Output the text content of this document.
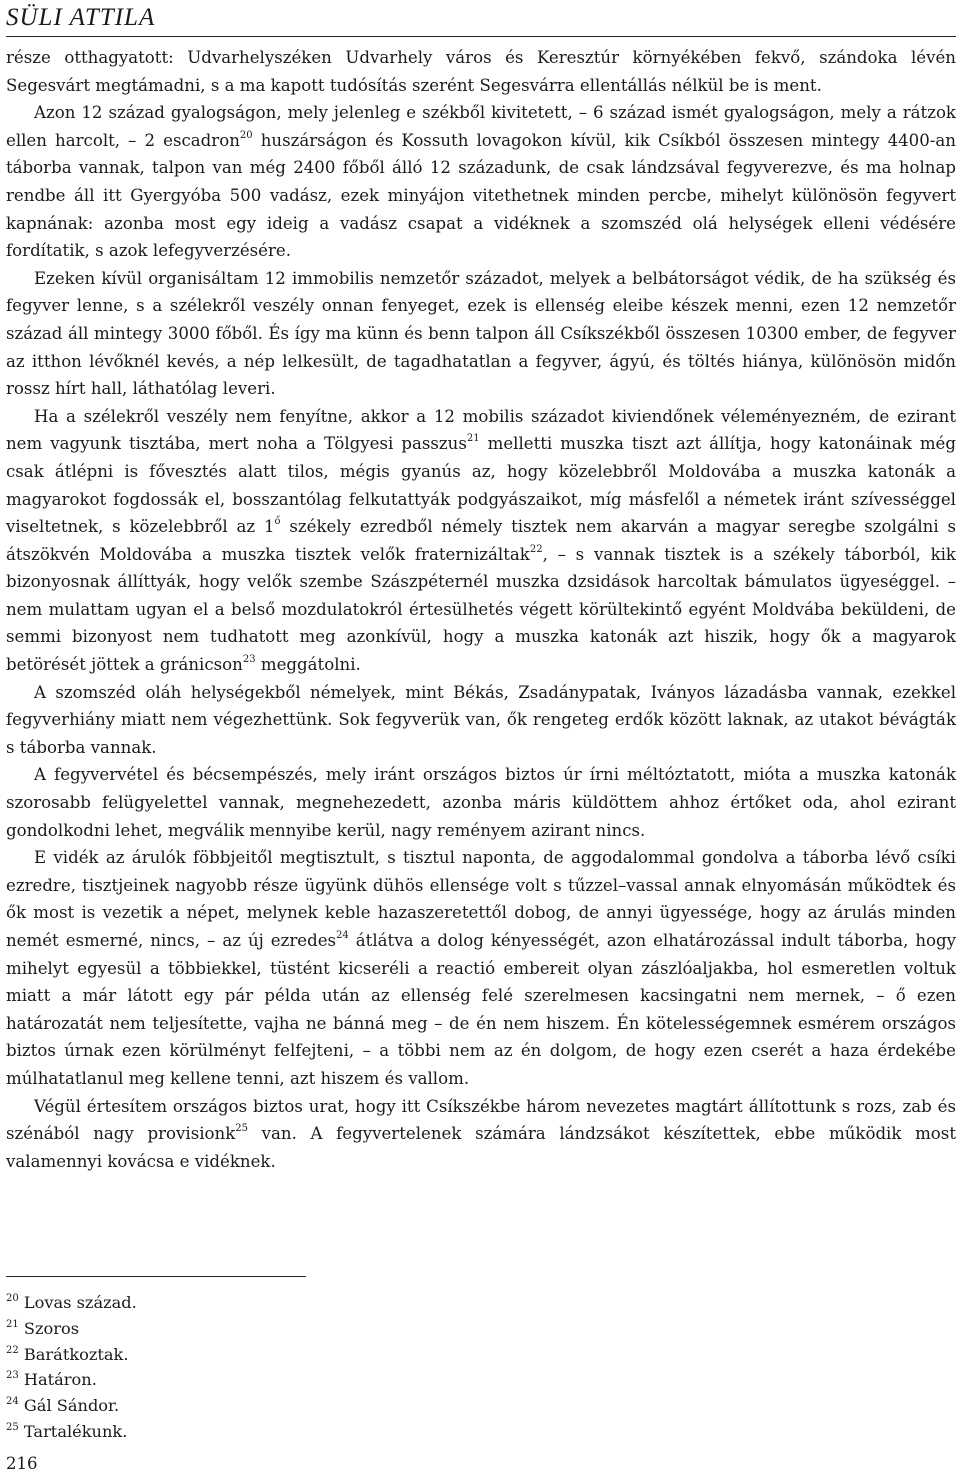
SÜLI ATTILA

része otthagyatott: Udvarhelyszéken Udvarhely város és Keresztúr környékében fekvő, szándoka lévén Segesvárt megtámadni, s a ma kapott tudósítás szerént Segesvárra ellentállás nélkül be is ment.

Azon 12 század gyalogságon, mely jelenleg e székből kivitetett, – 6 század ismét gyalogságon, mely a rátzok ellen harcolt, – 2 escadron$^{20}$ huszárságon és Kossuth lovagokon kívül, kik Csíkból összesen mintegy 4400-an táborba vannak, talpon van még 2400 főből álló 12 századunk, de csak lándzsával fegyverezve, és ma holnap rendbe áll itt Gyergyóba 500 vadász, ezek minyájon vitethetnek minden percbe, mihelyt különösön fegyvert kapnának: azonba most egy ideig a vadász csapat a vidéknek a szomszéd olá helységek elleni védésére fordítatik, s azok lefegyverzésére.

Ezeken kívül organisáltam 12 immobilis nemzetőr századot, melyek a belbátorságot védik, de ha szükség és fegyver lenne, s a szélekről veszély onnan fenyeget, ezek is ellenség eleibe készek menni, ezen 12 nemzetőr század áll mintegy 3000 főből. És így ma künn és benn talpon áll Csíkszékből összesen 10300 ember, de fegyver az itthon lévőknél kevés, a nép lelkesült, de tagadhatatlan a fegyver, ágyú, és töltés hiánya, különösön midőn rossz hírt hall, láthatólag leveri.

Ha a szélekről veszély nem fenyítne, akkor a 12 mobilis századot kiviendőnek véleményezném, de ezirant nem vagyunk tisztába, mert noha a Tölgyesi passzus$^{21}$ melletti muszka tiszt azt állítja, hogy katonáinak még csak átlépni is fővesztés alatt tilos, mégis gyanús az, hogy közelebbről Moldovába a muszka katonák a magyarokot fogdossák el, bosszantólag felkutattyák podgyászaikot, míg másfelől a németek iránt szívességgel viseltetnek, s közelebbről az $1^ő$ székely ezredből némely tisztek nem akarván a magyar seregbe szolgálni s átszökvén Moldovába a muszka tisztek velők fraternizáltak$^{22}$, – s vannak tisztek is a székely táborból, kik bizonyosnak állíttyák, hogy velők szembe Szászpéternél muszka dzsidások harcoltak bámulatos ügyeséggel. – nem mulattam ugyan el a belső mozdulatokról értesülhetés végett körültekintő egyént Moldvába beküldeni, de semmi bizonyost nem tudhatott meg azonkívül, hogy a muszka katonák azt hiszik, hogy ők a magyarok betörését jöttek a gránicson$^{23}$ meggátolni.

A szomszéd oláh helységekből némelyek, mint Békás, Zsadánypatak, Iványos lázadásba vannak, ezekkel fegyverhiány miatt nem végezhettünk. Sok fegyverük van, ők rengeteg erdők között laknak, az utakot bévágták s táborba vannak.

A fegyvervétel és bécsempészés, mely iránt országos biztos úr írni méltóztatott, mióta a muszka katonák szorosabb felügyelettel vannak, megnehezedett, azonba máris küldöttem ahhoz értőket oda, ahol ezirant gondolkodni lehet, megválik mennyibe kerül, nagy reményem azirant nincs.

E vidék az árulók föbbjeitől megtisztult, s tisztul naponta, de aggodalommal gondolva a táborba lévő csíki ezredre, tisztjeinek nagyobb része ügyünk dühös ellensége volt s tűzzel–vassal annak elnyomásán működtek és ők most is vezetik a népet, melynek keble hazaszeretettől dobog, de annyi ügyessége, hogy az árulás minden nemét esmerné, nincs, – az új ezredes$^{24}$ átlátva a dolog kényességét, azon elhatározással indult táborba, hogy mihelyt egyesül a többiekkel, tüstént kicseréli a reactió embereit olyan zászlóaljakba, hol esmeretlen voltuk miatt a már látott egy pár példa után az ellenség felé szerelmesen kacsingatni nem mernek, – ő ezen határozatát nem teljesítette, vajha ne bánná meg – de én nem hiszem. Én kötelességemnek esmérem országos biztos úrnak ezen körülményt felfejteni, – a többi nem az én dolgom, de hogy ezen cserét a haza érdekébe múlhatatlanul meg kellene tenni, azt hiszem és vallom.

Végül értesítem országos biztos urat, hogy itt Csíkszékbe három nevezetes magtárt állítottunk s rozs, zab és szénából nagy provisionk$^{25}$ van. A fegyvertelenek számára lándzsákot készítettek, ebbe működik most valamennyi kovácsa e vidéknek.

$^{20}$ Lovas század.

$^{21}$ Szoros

$^{22}$ Barátkoztak.

$^{23}$ Határon.

$^{24}$ Gál Sándor.

$^{25}$ Tartalékunk.

216
